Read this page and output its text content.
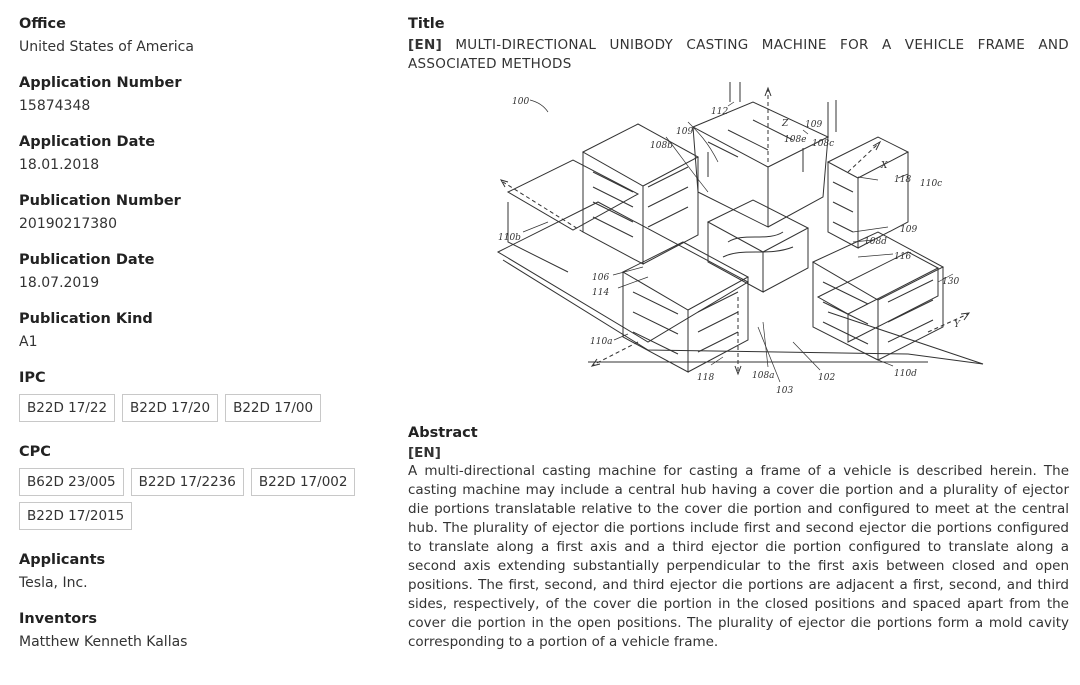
Office
United States of America
Application Number
15874348
Application Date
18.01.2018
Publication Number
20190217380
Publication Date
18.07.2019
Publication Kind
A1
IPC
B22D 17/22	B22D 17/20	B22D 17/00
CPC
B62D 23/005	B22D 17/2236	B22D 17/002
B22D 17/2015
Applicants
Tesla, Inc.
Inventors
Matthew Kenneth Kallas
Title
[EN] MULTI-DIRECTIONAL UNIBODY CASTING MACHINE FOR A VEHICLE FRAME AND ASSOCIATED METHODS
100
112
Z
109
108b
109
108e 108c
X
118 110c
110b
109
108d
116
130
106
114
Y
110a
118	108a	102	110d
103
Abstract
[EN]
A multi-directional casting machine for casting a frame of a vehicle is described herein. The casting machine may include a central hub having a cover die portion and a plurality of ejector die portions translatable relative to the cover die portion and configured to meet at the central hub. The plurality of ejector die portions include first and second ejector die portions configured to translate along a first axis and a third ejector die portion configured to translate along a second axis extending substantially perpendicular to the first axis between closed and open positions. The first, second, and third ejector die portions are adjacent a first, second, and third sides, respectively, of the cover die portion in the closed positions and spaced apart from the cover die portion in the open positions. The plurality of ejector die portions form a mold cavity corresponding to a portion of a vehicle frame.
